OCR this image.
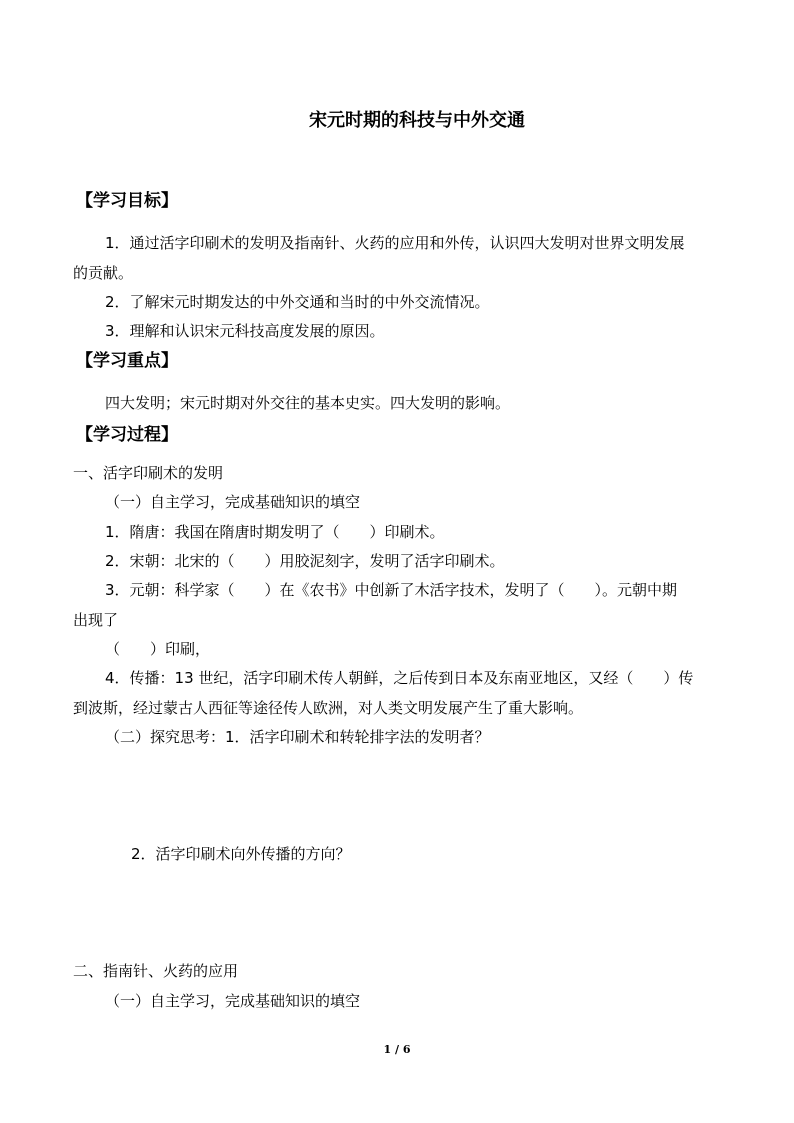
宋元时期的科技与中外交通
【学习目标】
1．通过活字印刷术的发明及指南针、火药的应用和外传，认识四大发明对世界文明发展
的贡献。
2．了解宋元时期发达的中外交通和当时的中外交流情况。
3．理解和认识宋元科技高度发展的原因。
【学习重点】
四大发明；宋元时期对外交往的基本史实。四大发明的影响。
【学习过程】
一、活字印刷术的发明
（一）自主学习，完成基础知识的填空
1．隋唐：我国在隋唐时期发明了（　　）印刷术。
2．宋朝：北宋的（　　）用胶泥刻字，发明了活字印刷术。
3．元朝：科学家（　　）在《农书》中创新了木活字技术，发明了（　　）。元朝中期
出现了
（　　）印刷，
4．传播：13 世纪，活字印刷术传人朝鲜，之后传到日本及东南亚地区，又经（　　）传
到波斯，经过蒙古人西征等途径传人欧洲，对人类文明发展产生了重大影响。
（二）探究思考：1．活字印刷术和转轮排字法的发明者？
2．活字印刷术向外传播的方向？
二、指南针、火药的应用
（一）自主学习，完成基础知识的填空
1 / 6
